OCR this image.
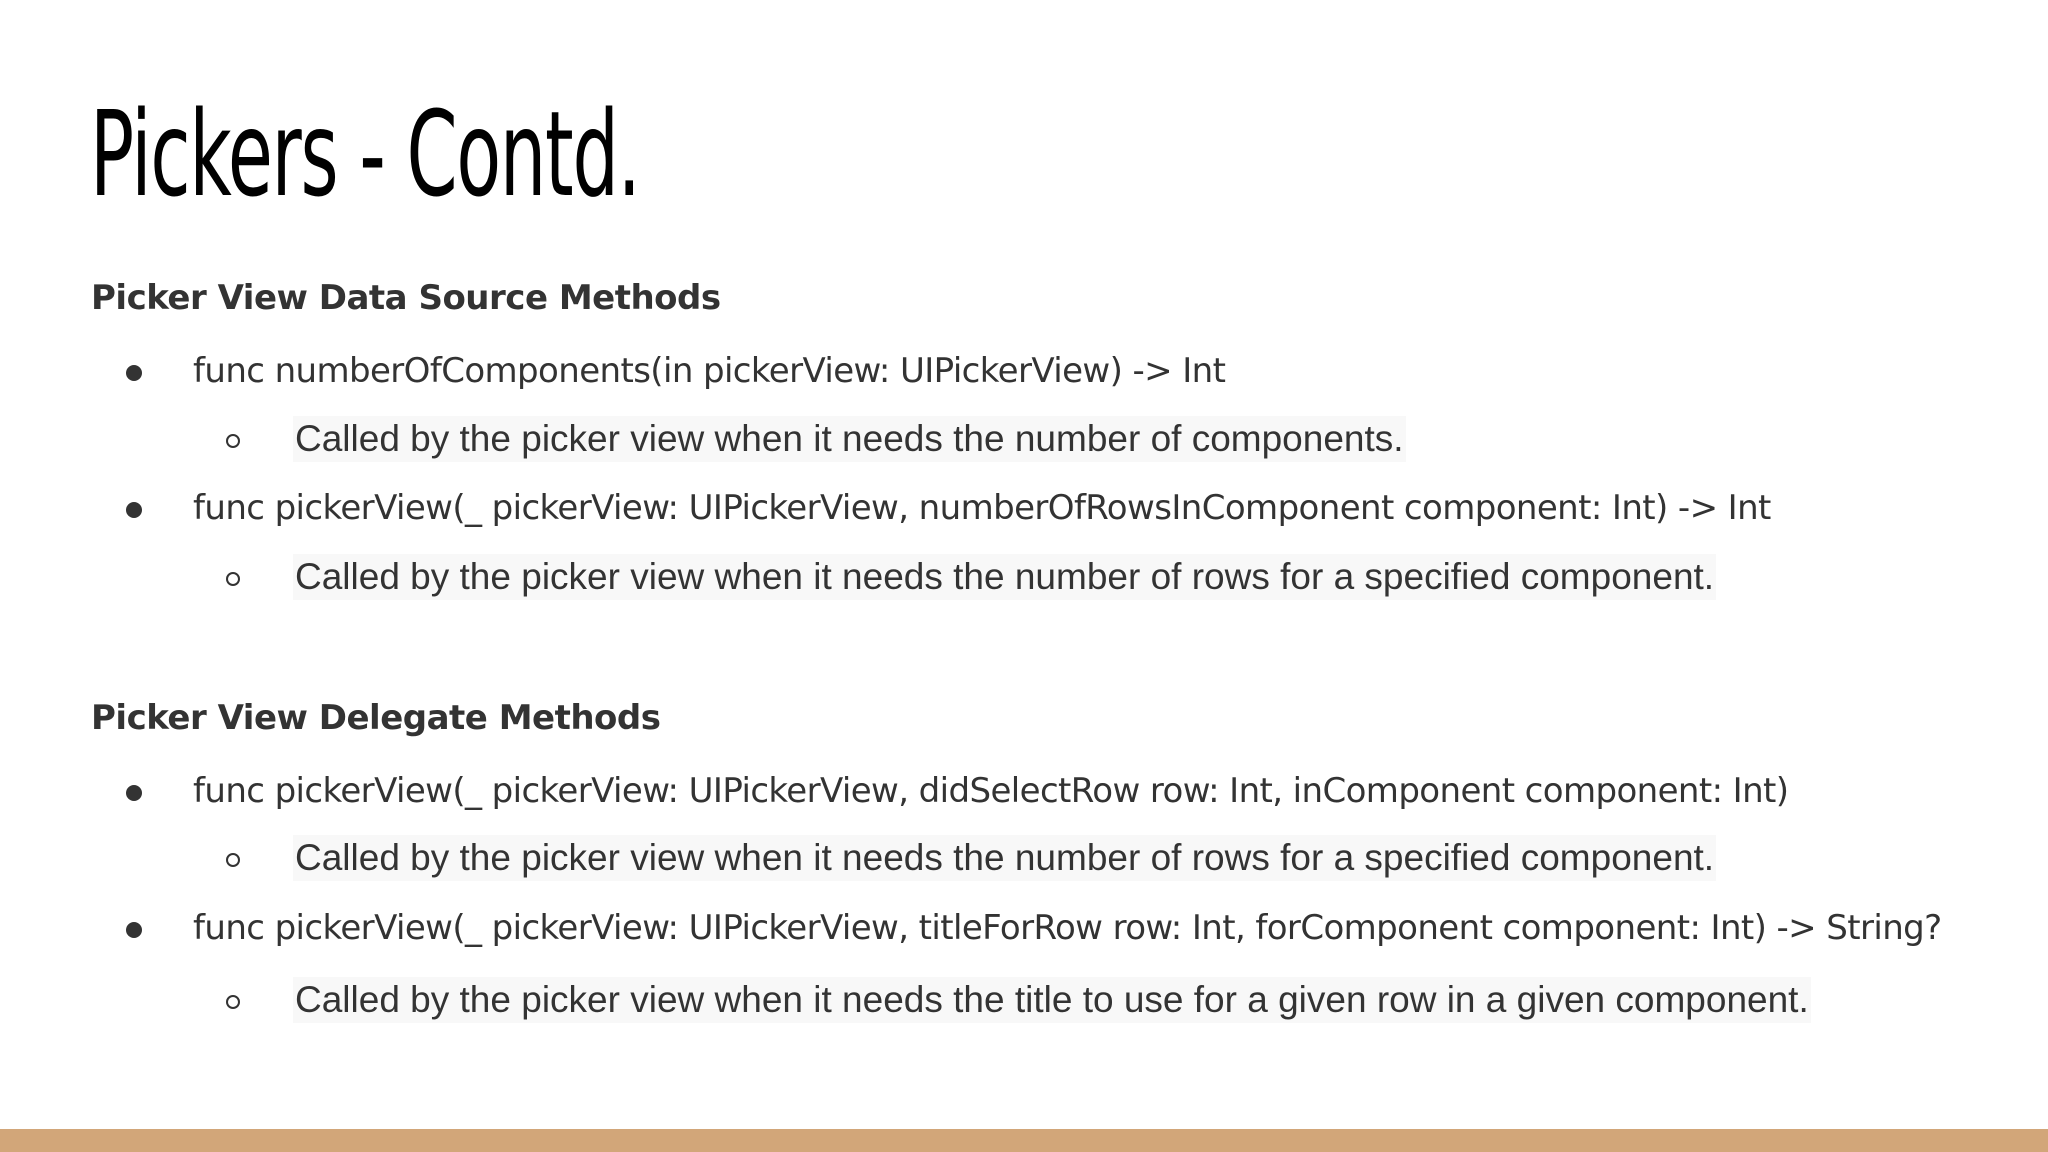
Pickers - Contd.
Picker View Data Source Methods
func numberOfComponents(in pickerView: UIPickerView) -> Int
Called by the picker view when it needs the number of components.
func pickerView(_ pickerView: UIPickerView, numberOfRowsInComponent component: Int) -> Int
Called by the picker view when it needs the number of rows for a specified component.
Picker View Delegate Methods
func pickerView(_ pickerView: UIPickerView, didSelectRow row: Int, inComponent component: Int)
Called by the picker view when it needs the number of rows for a specified component.
func pickerView(_ pickerView: UIPickerView, titleForRow row: Int, forComponent component: Int) -> String?
Called by the picker view when it needs the title to use for a given row in a given component.
